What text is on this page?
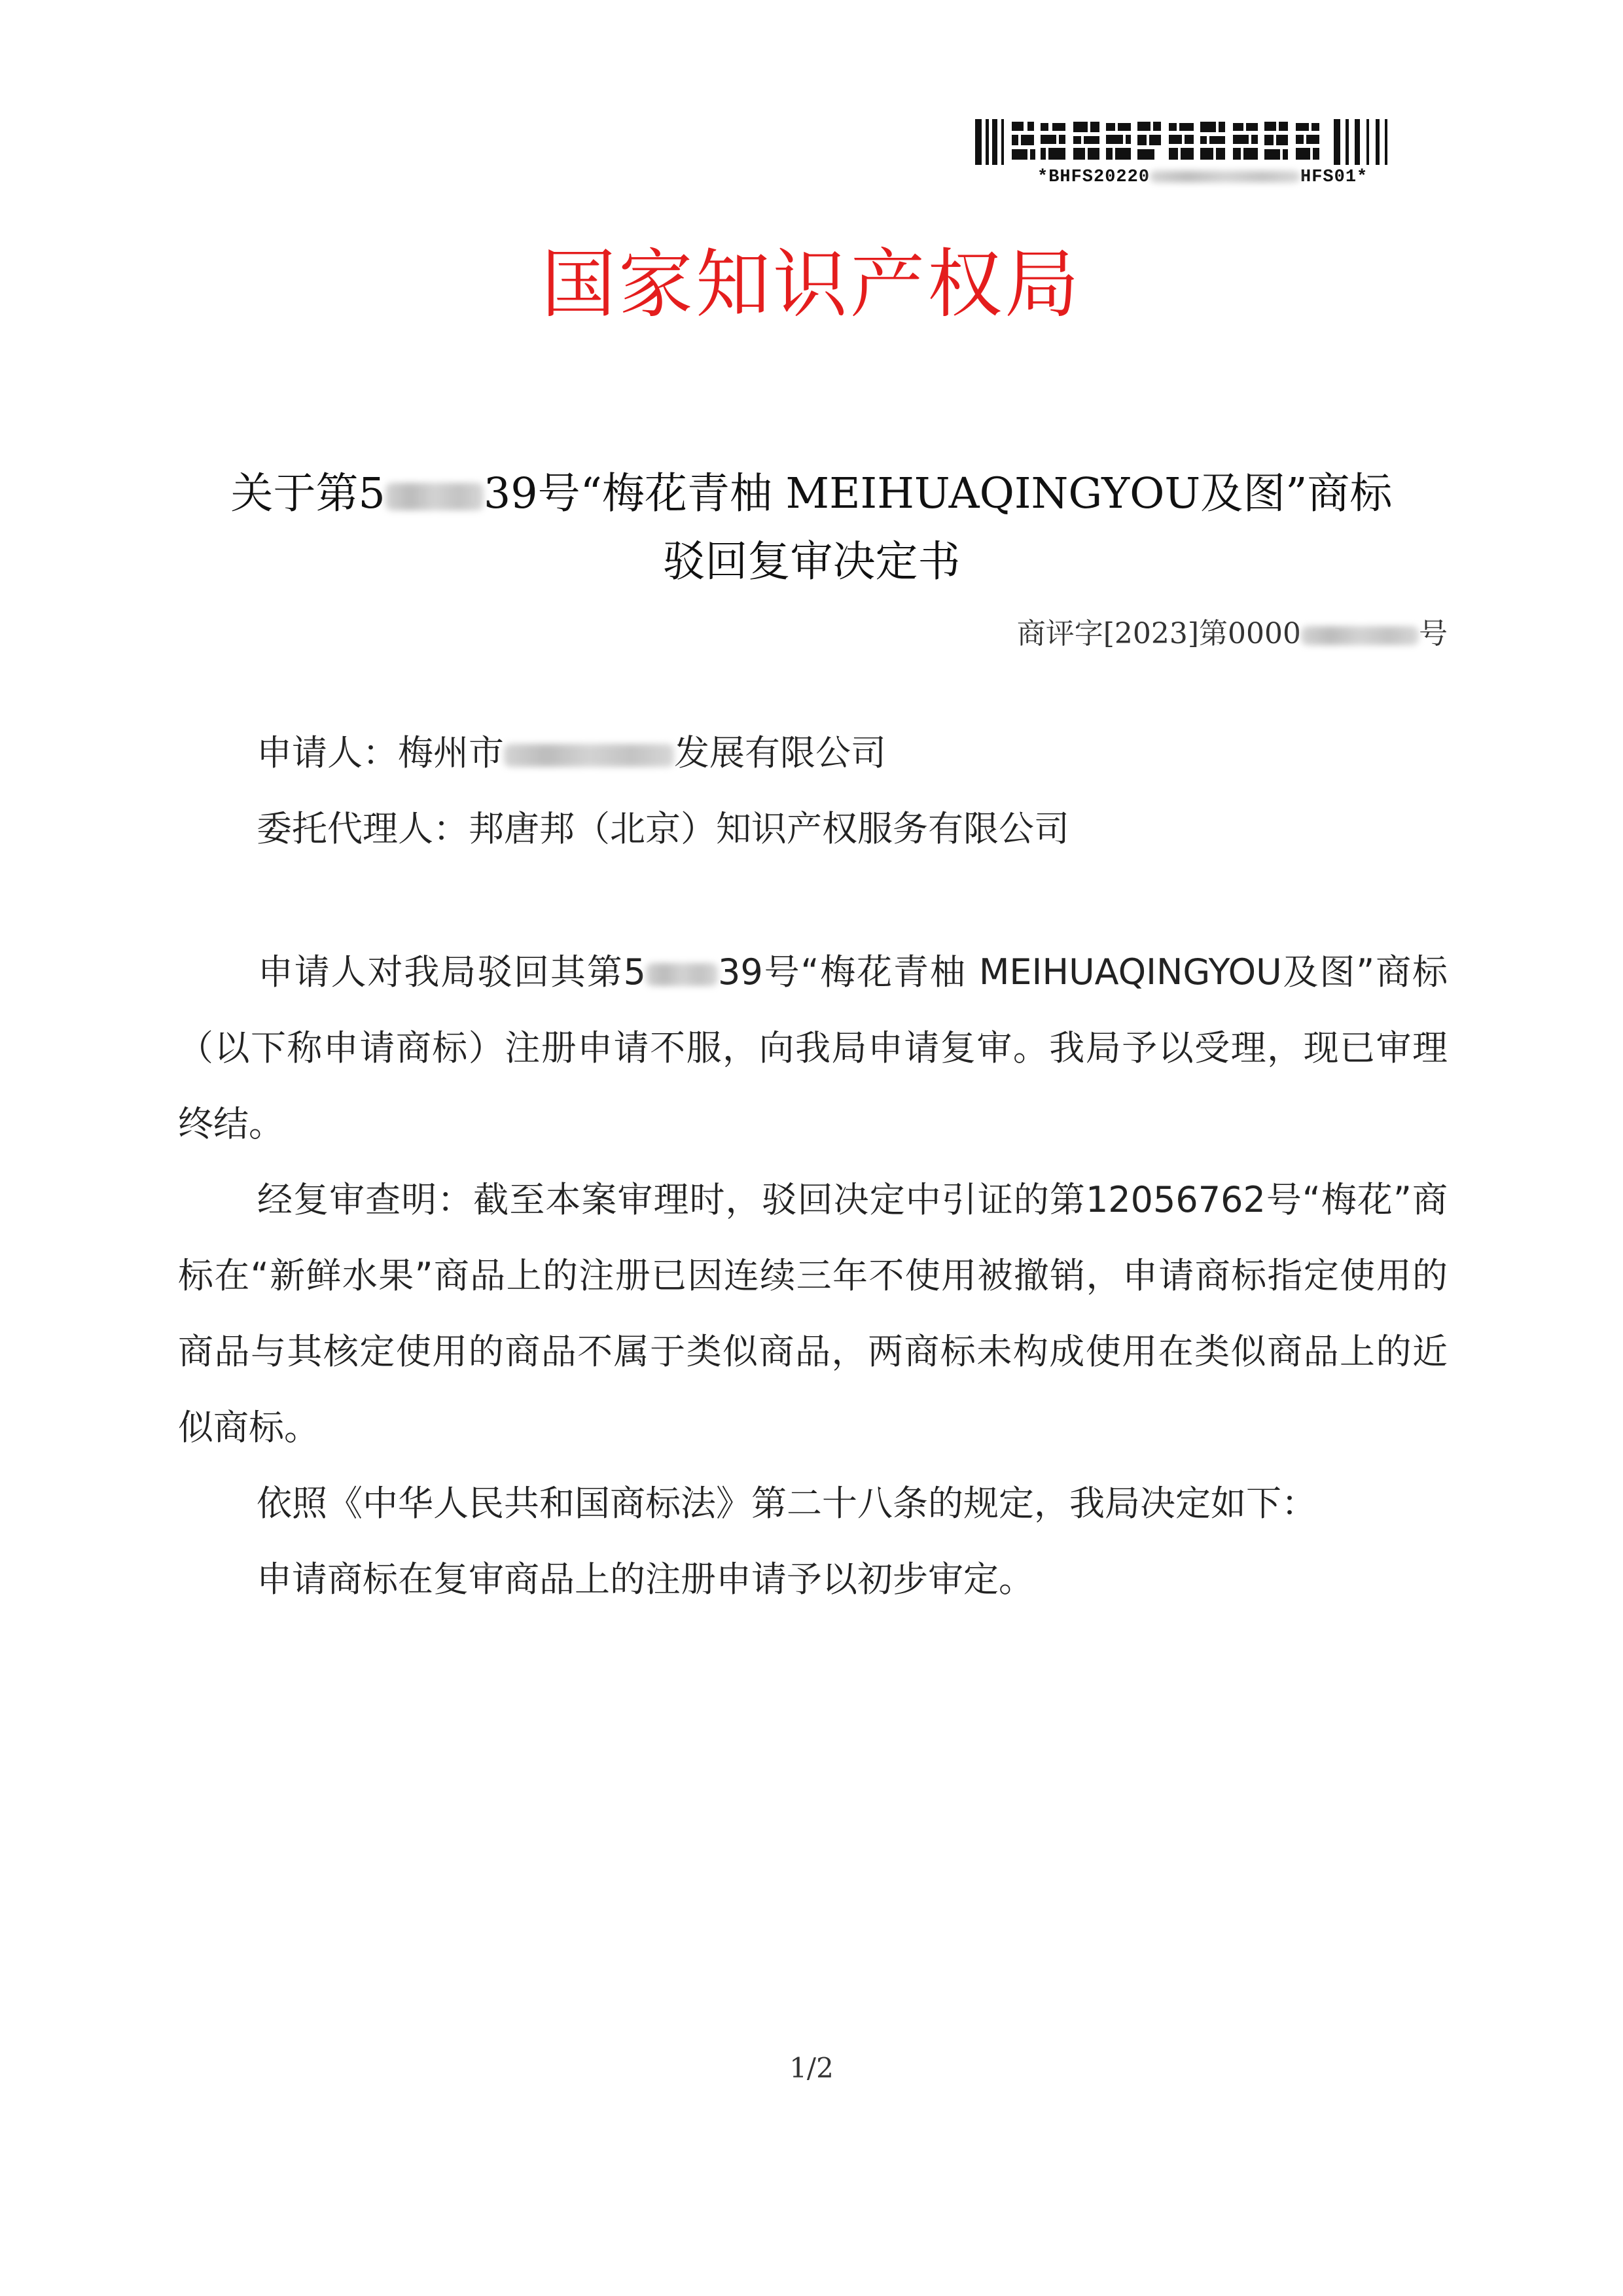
*BHFS20220	HFS01*
国家知识产权局
关于第5 39号“梅花青柚 MEIHUAQINGYOU及图”商标
驳回复审决定书
商评字[2023]第0000	号
申请人：梅州市	发展有限公司
委托代理人：邦唐邦（北京）知识产权服务有限公司
申请人对我局驳回其第5 39号“梅花青柚 MEIHUAQINGYOU及图”商标（以下称申请商标）注册申请不服，向我局申请复审。我局予以受理，现已审理终结。
经复审查明：截至本案审理时，驳回决定中引证的第12056762号“梅花”商标在“新鲜水果”商品上的注册已因连续三年不使用被撤销，申请商标指定使用的商品与其核定使用的商品不属于类似商品，两商标未构成使用在类似商品上的近似商标。
依照《中华人民共和国商标法》第二十八条的规定，我局决定如下：
申请商标在复审商品上的注册申请予以初步审定。
1/2
